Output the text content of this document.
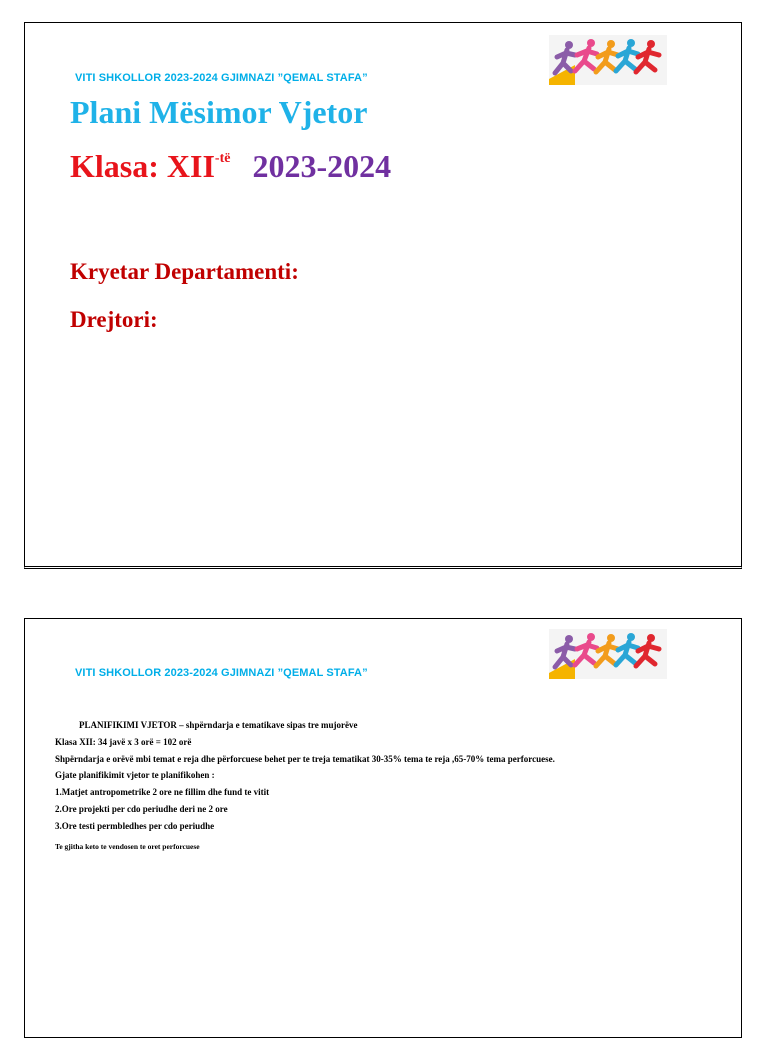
VITI SHKOLLOR 2023-2024 GJIMNAZI ”QEMAL STAFA”
Plani Mësimor Vjetor
Klasa: $XII^{-të}$ 2023-2024
Kryetar Departamenti:
Drejtori:
VITI SHKOLLOR 2023-2024 GJIMNAZI ”QEMAL STAFA”
PLANIFIKIMI VJETOR – shpërndarja e tematikave sipas tre mujorëve
Klasa XII: 34 javë x 3 orë = 102 orë
Shpërndarja e orëvë mbi temat e reja dhe përforcuese behet per te treja tematikat 30-35% tema te reja ,65-70% tema perforcuese.
Gjate planifikimit vjetor te planifikohen :
1.Matjet antropometrike 2 ore ne fillim dhe fund te vitit
2.Ore projekti per cdo periudhe deri ne 2 ore
3.Ore testi permbledhes per cdo periudhe
Te gjitha keto te vendosen te oret perforcuese
